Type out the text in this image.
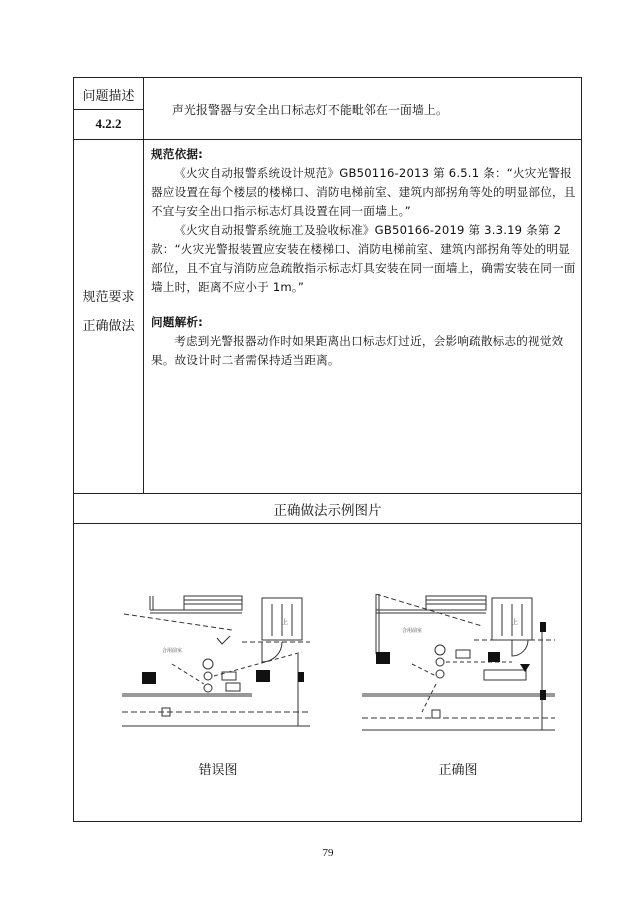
问题描述
4.2.2
声光报警器与安全出口标志灯不能毗邻在一面墙上。
规范要求
正确做法

规范依据:

《火灾自动报警系统设计规范》GB50116-2013 第 6.5.1 条：“火灾光警报器应设置在每个楼层的楼梯口、消防电梯前室、建筑内部拐角等处的明显部位，且不宜与安全出口指示标志灯具设置在同一面墙上。”

《火灾自动报警系统施工及验收标准》GB50166-2019 第 3.3.19 条第 2 款：“火灾光警报装置应安装在楼梯口、消防电梯前室、建筑内部拐角等处的明显部位，且不宜与消防应急疏散指示标志灯具安装在同一面墙上，确需安装在同一面墙上时，距离不应小于 1m。”

问题解析:

考虑到光警报器动作时如果距离出口标志灯过近，会影响疏散标志的视觉效果。故设计时二者需保持适当距离。

正确做法示例图片
合用前室
上
合用前室
上
错误图	正确图
79
